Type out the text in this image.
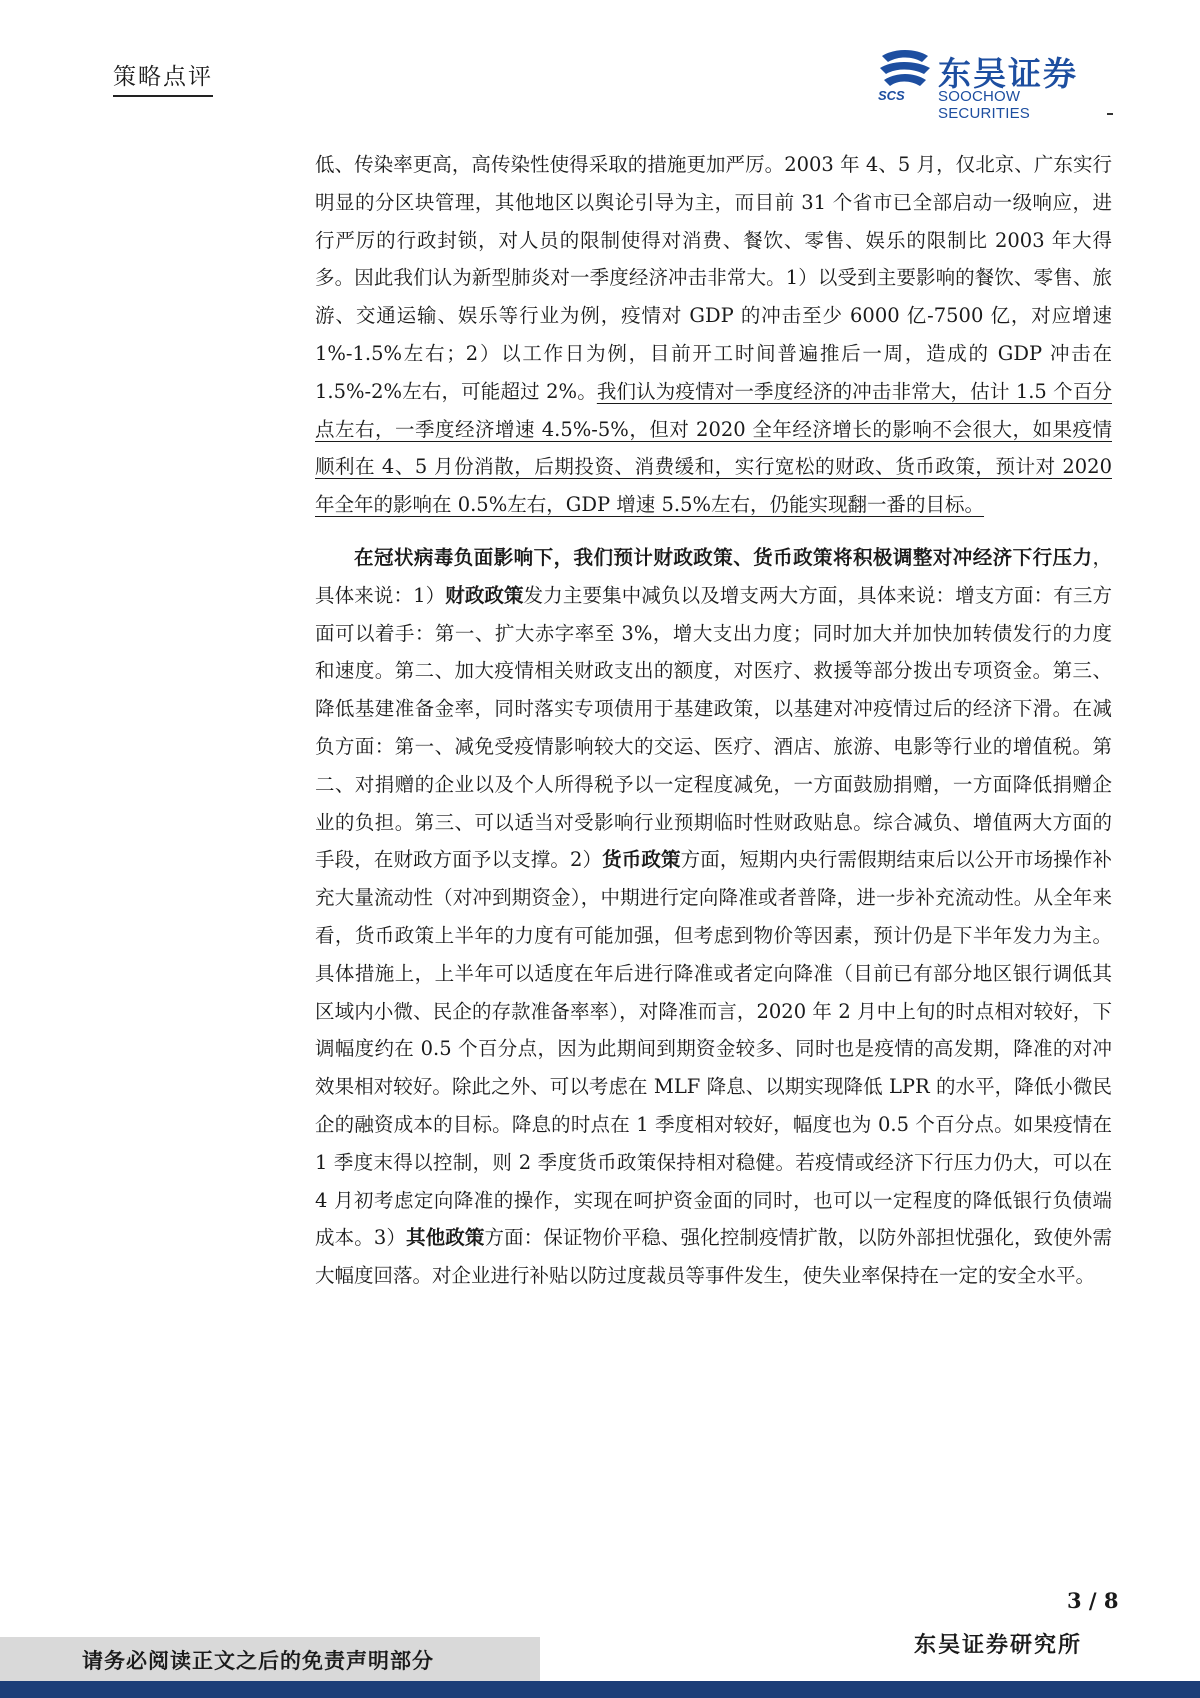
策略点评
SCS
东吴证券
SOOCHOW SECURITIES

低、传染率更高，高传染性使得采取的措施更加严厉。2003 年 4、5 月，仅北京、广东实行明显的分区块管理，其他地区以舆论引导为主，而目前 31 个省市已全部启动一级响应，进行严厉的行政封锁，对人员的限制使得对消费、餐饮、零售、娱乐的限制比 2003 年大得多。因此我们认为新型肺炎对一季度经济冲击非常大。1）以受到主要影响的餐饮、零售、旅游、交通运输、娱乐等行业为例，疫情对 GDP 的冲击至少 6000 亿-7500 亿，对应增速 1%-1.5%左右；2）以工作日为例，目前开工时间普遍推后一周，造成的 GDP 冲击在 1.5%-2%左右，可能超过 2%。我们认为疫情对一季度经济的冲击非常大，估计 1.5 个百分点左右，一季度经济增速 4.5%-5%，但对 2020 全年经济增长的影响不会很大，如果疫情顺利在 4、5 月份消散，后期投资、消费缓和，实行宽松的财政、货币政策，预计对 2020 年全年的影响在 0.5%左右，GDP 增速 5.5%左右，仍能实现翻一番的目标。

在冠状病毒负面影响下，我们预计财政政策、货币政策将积极调整对冲经济下行压力，具体来说：1）财政政策发力主要集中减负以及增支两大方面，具体来说：增支方面：有三方面可以着手：第一、扩大赤字率至 3%，增大支出力度；同时加大并加快加转债发行的力度和速度。第二、加大疫情相关财政支出的额度，对医疗、救援等部分拨出专项资金。第三、降低基建准备金率，同时落实专项债用于基建政策，以基建对冲疫情过后的经济下滑。在减负方面：第一、减免受疫情影响较大的交运、医疗、酒店、旅游、电影等行业的增值税。第二、对捐赠的企业以及个人所得税予以一定程度减免，一方面鼓励捐赠，一方面降低捐赠企业的负担。第三、可以适当对受影响行业预期临时性财政贴息。综合减负、增值两大方面的手段，在财政方面予以支撑。2）货币政策方面，短期内央行需假期结束后以公开市场操作补充大量流动性（对冲到期资金），中期进行定向降准或者普降，进一步补充流动性。从全年来看，货币政策上半年的力度有可能加强，但考虑到物价等因素，预计仍是下半年发力为主。具体措施上，上半年可以适度在年后进行降准或者定向降准（目前已有部分地区银行调低其区域内小微、民企的存款准备率率），对降准而言，2020 年 2 月中上旬的时点相对较好，下调幅度约在 0.5 个百分点，因为此期间到期资金较多、同时也是疫情的高发期，降准的对冲效果相对较好。除此之外、可以考虑在 MLF 降息、以期实现降低 LPR 的水平，降低小微民企的融资成本的目标。降息的时点在 1 季度相对较好，幅度也为 0.5 个百分点。如果疫情在 1 季度末得以控制，则 2 季度货币政策保持相对稳健。若疫情或经济下行压力仍大，可以在 4 月初考虑定向降准的操作，实现在呵护资金面的同时，也可以一定程度的降低银行负债端成本。3）其他政策方面：保证物价平稳、强化控制疫情扩散，以防外部担忧强化，致使外需大幅度回落。对企业进行补贴以防过度裁员等事件发生，使失业率保持在一定的安全水平。

3 / 8
请务必阅读正文之后的免责声明部分
东吴证券研究所
